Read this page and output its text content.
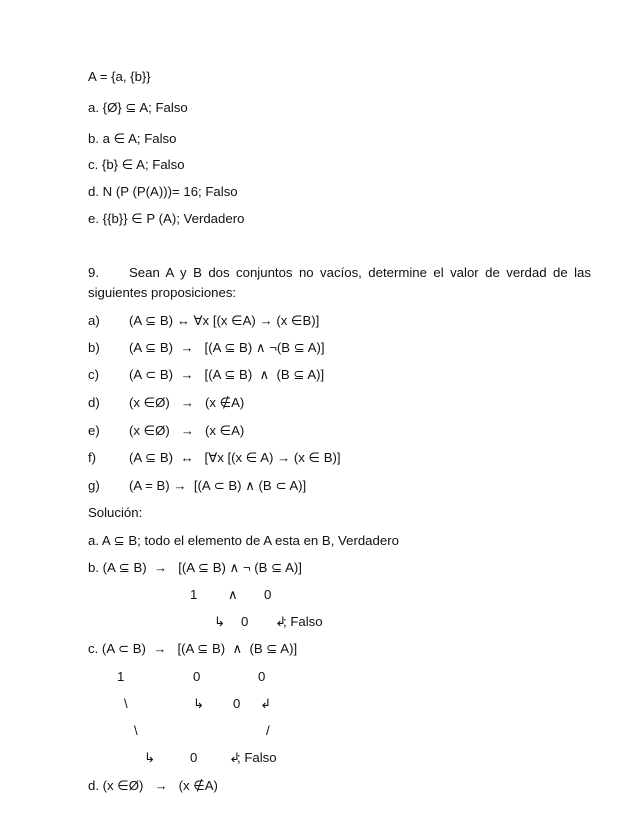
A = {a, {b}}
a. {Ø} ⊆ A; Falso
b. a ∈ A; Falso
c. {b} ∈ A; Falso
d. N (P (P(A)))= 16; Falso
e. {{b}} ∈ P (A); Verdadero
9. Sean A y B dos conjuntos no vacíos, determine el valor de verdad de las
siguientes proposiciones:
a) (A ⊆ B) ↔ ∀x [(x ∈A) → (x ∈B)]
b) (A ⊆ B)  →   [(A ⊆ B) ∧ ¬(B ⊆ A)]
c) (A ⊂ B)  →   [(A ⊆ B)  ∧  (B ⊆ A)]
d) (x ∈Ø)   →   (x ∉A)
e) (x ∈Ø)   →   (x ∈A)
f) (A ⊆ B)  ↔   [∀x [(x ∈ A) → (x ∈ B)]
g) (A = B) →  [(A ⊂ B) ∧ (B ⊂ A)]
Solución:
a. A ⊆ B; todo el elemento de A esta en B, Verdadero
b. (A ⊆ B)  →   [(A ⊆ B) ∧ ¬ (B ⊆ A)]
1 ∧ 0
↳ 0 ↲
; Falso
c. (A ⊂ B)  →   [(A ⊆ B)  ∧  (B ⊆ A)]
1	0	0
\	↳ 0 ↲
\	/
↳	0 ↲
; Falso
d. (x ∈Ø)   →   (x ∉A)
